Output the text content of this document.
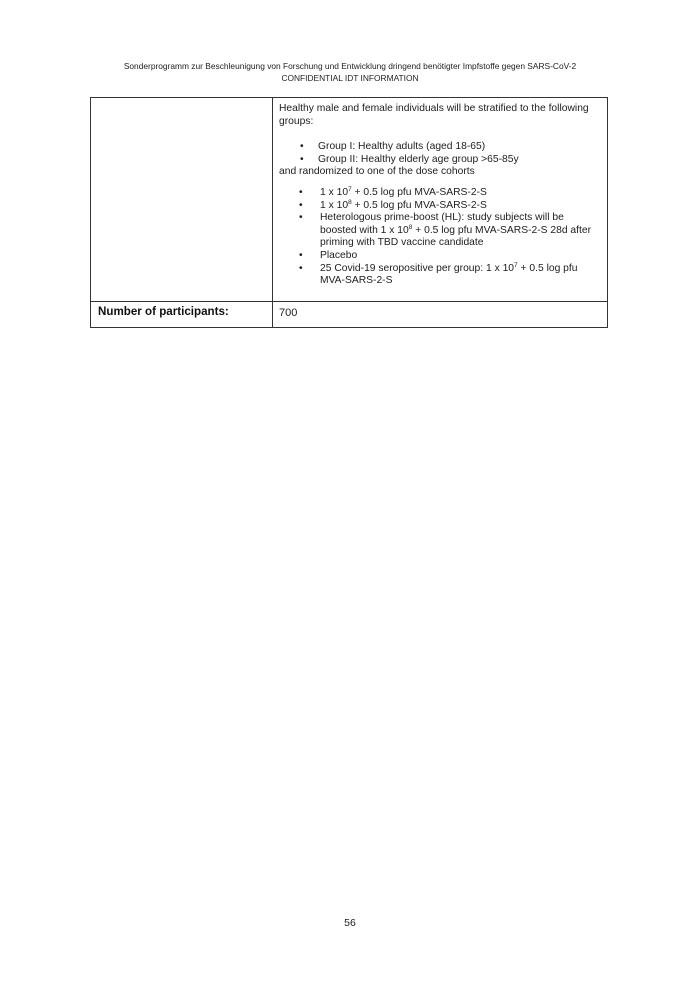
Sonderprogramm zur Beschleunigung von Forschung und Entwicklung dringend benötigter Impfstoffe gegen SARS-CoV-2
CONFIDENTIAL IDT INFORMATION

Healthy male and female individuals will be stratified to the following groups:

• Group I: Healthy adults (aged 18-65)
• Group II: Healthy elderly age group >65-85y

and randomized to one of the dose cohorts

• 1 x $10^7 + 0.5$ log pfu MVA-SARS-2-S
• 1 x $10^8 + 0.5$ log pfu MVA-SARS-2-S
• Heterologous prime-boost (HL): study subjects will be boosted with 1 x $10^8 + 0.5$ log pfu MVA-SARS-2-S 28d after priming with TBD vaccine candidate
• Placebo
• 25 Covid-19 seropositive per group: 1 x $10^7 + 0.5$ log pfu MVA-SARS-2-S
Number of participants:	700
56
